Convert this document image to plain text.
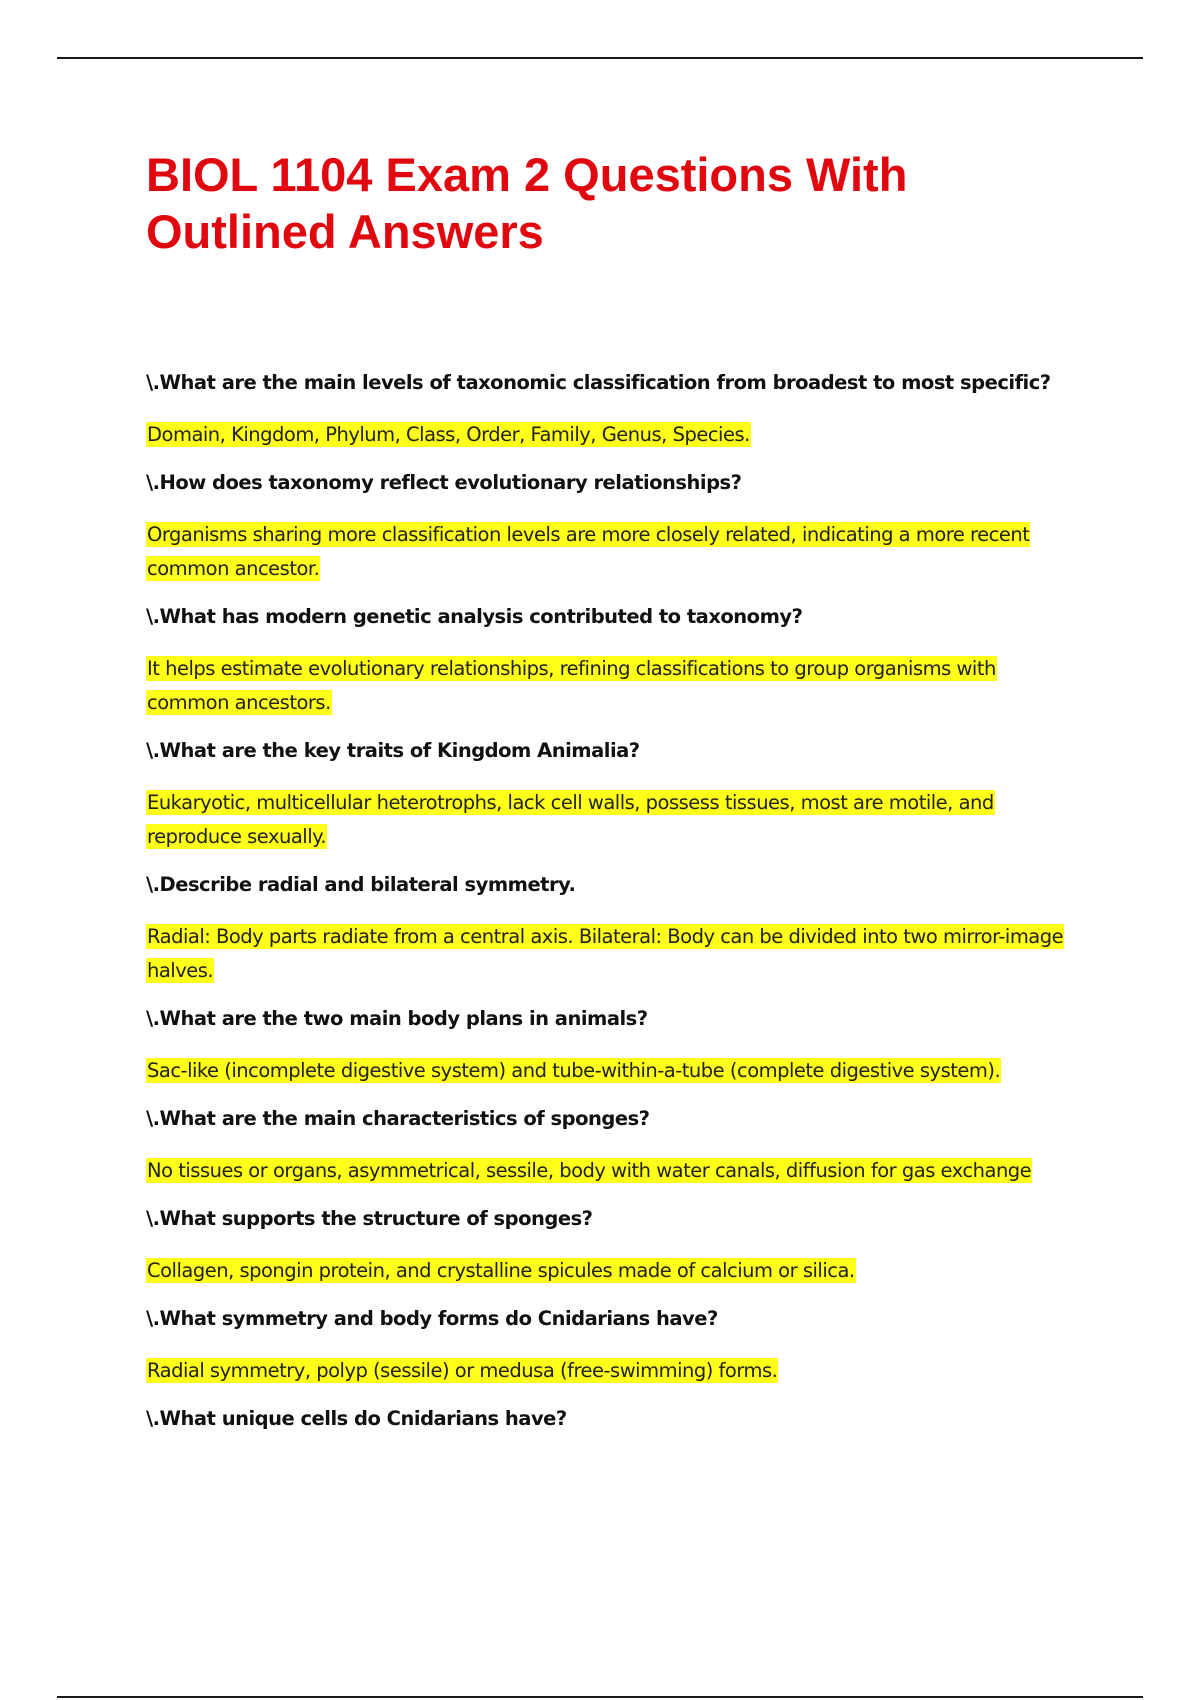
BIOL 1104 Exam 2 Questions With Outlined Answers

\.What are the main levels of taxonomic classification from broadest to most specific?

Domain, Kingdom, Phylum, Class, Order, Family, Genus, Species.

\.How does taxonomy reflect evolutionary relationships?

Organisms sharing more classification levels are more closely related, indicating a more recent common ancestor.

\.What has modern genetic analysis contributed to taxonomy?

It helps estimate evolutionary relationships, refining classifications to group organisms with common ancestors.

\.What are the key traits of Kingdom Animalia?

Eukaryotic, multicellular heterotrophs, lack cell walls, possess tissues, most are motile, and reproduce sexually.

\.Describe radial and bilateral symmetry.

Radial: Body parts radiate from a central axis. Bilateral: Body can be divided into two mirror-image halves.

\.What are the two main body plans in animals?

Sac-like (incomplete digestive system) and tube-within-a-tube (complete digestive system).

\.What are the main characteristics of sponges?

No tissues or organs, asymmetrical, sessile, body with water canals, diffusion for gas exchange

\.What supports the structure of sponges?

Collagen, spongin protein, and crystalline spicules made of calcium or silica.

\.What symmetry and body forms do Cnidarians have?

Radial symmetry, polyp (sessile) or medusa (free-swimming) forms.

\.What unique cells do Cnidarians have?
